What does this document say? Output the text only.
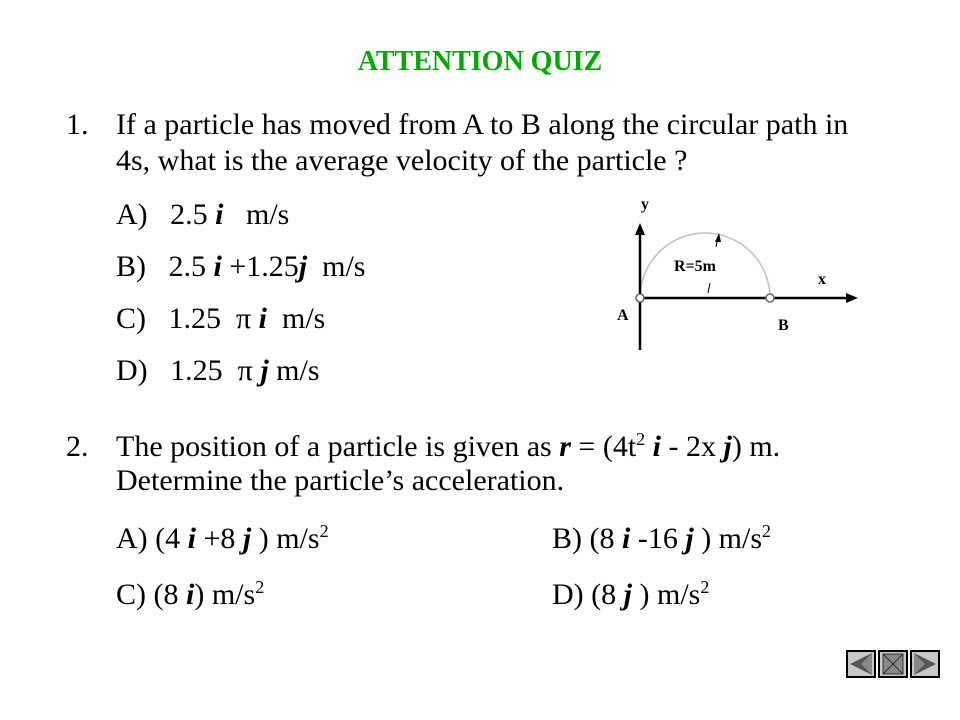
ATTENTION QUIZ
1. If a particle has moved from A to B along the circular path in
4s, what is the average velocity of the particle ?
A) 2.5 i m/s
B) 2.5 i +1.25j m/s
C) 1.25 π i m/s
D) 1.25 π j m/s
y
x
R=5m
A
B
2. The position of a particle is given as $r = (4t^2$ i - 2x j) m.
Determine the particle’s acceleration.
A) (4 i +8 j ) $m/s^2$	B) (8 i -16 j ) $m/s^2$
C) (8 i) $m/s^2$	D) (8 j ) $m/s^2$
